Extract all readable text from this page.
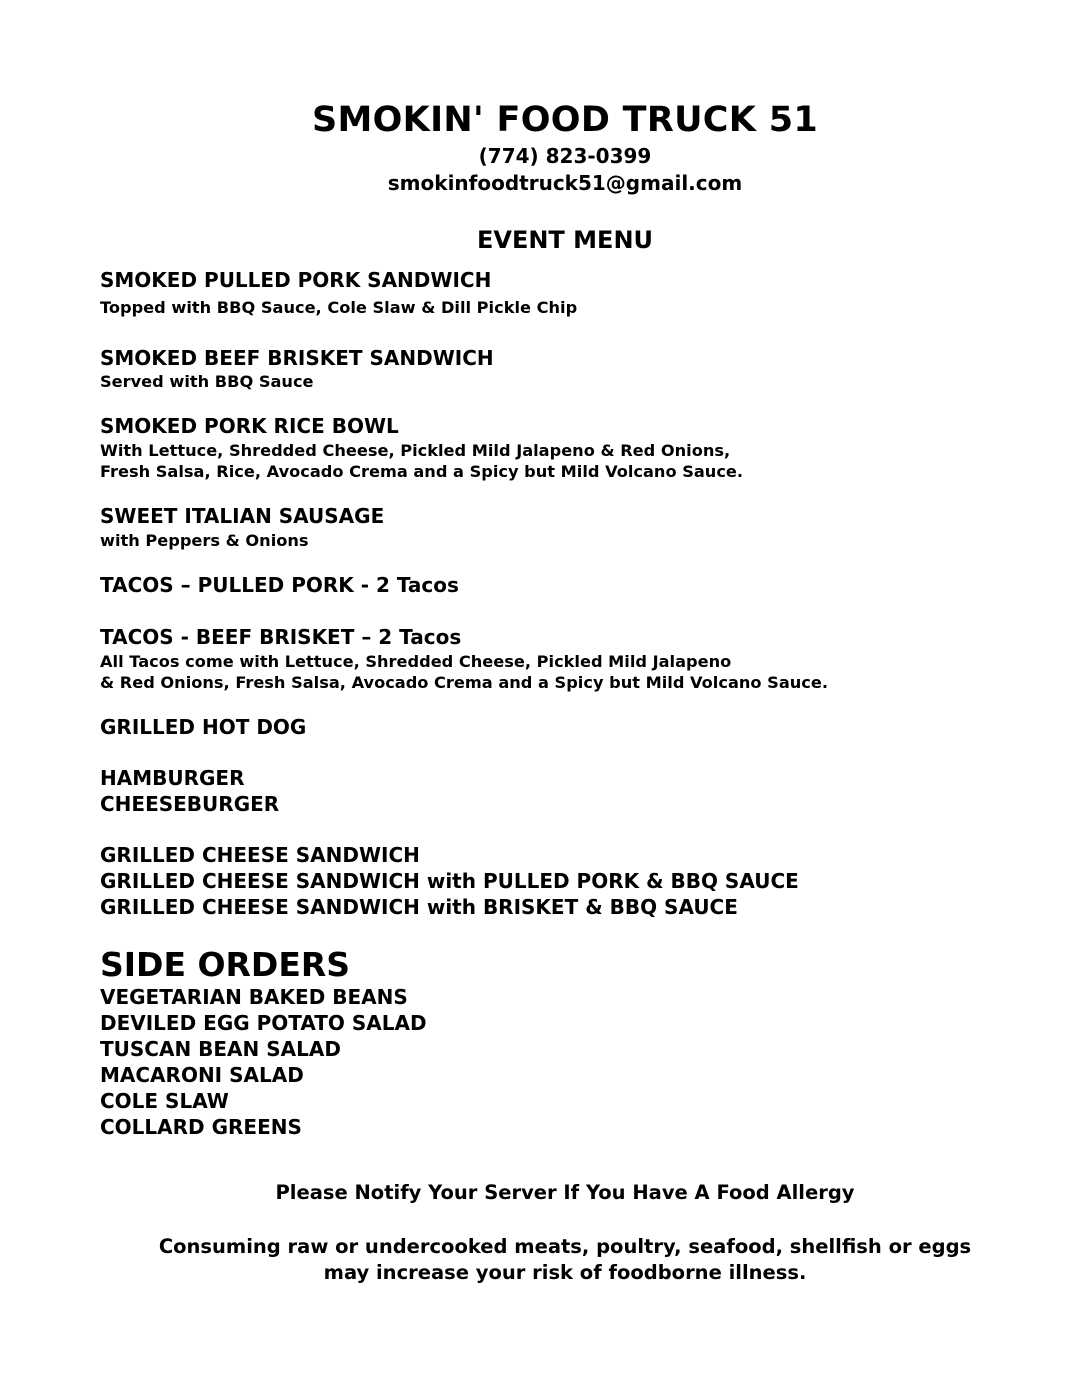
SMOKIN' FOOD TRUCK 51
(774) 823-0399
smokinfoodtruck51@gmail.com
EVENT MENU
SMOKED PULLED PORK SANDWICH
Topped with BBQ Sauce, Cole Slaw & Dill Pickle Chip
SMOKED BEEF BRISKET SANDWICH
Served with BBQ Sauce
SMOKED PORK RICE BOWL
With Lettuce, Shredded Cheese, Pickled Mild Jalapeno & Red Onions,
Fresh Salsa, Rice, Avocado Crema and a Spicy but Mild Volcano Sauce.
SWEET ITALIAN SAUSAGE
with Peppers & Onions
TACOS – PULLED PORK - 2 Tacos
TACOS - BEEF BRISKET – 2 Tacos
All Tacos come with Lettuce, Shredded Cheese, Pickled Mild Jalapeno
& Red Onions, Fresh Salsa, Avocado Crema and a Spicy but Mild Volcano Sauce.
GRILLED HOT DOG
HAMBURGER
CHEESEBURGER
GRILLED CHEESE SANDWICH
GRILLED CHEESE SANDWICH with PULLED PORK & BBQ SAUCE
GRILLED CHEESE SANDWICH with BRISKET & BBQ SAUCE
SIDE ORDERS
VEGETARIAN BAKED BEANS
DEVILED EGG POTATO SALAD
TUSCAN BEAN SALAD
MACARONI SALAD
COLE SLAW
COLLARD GREENS
Please Notify Your Server If You Have A Food Allergy
Consuming raw or undercooked meats, poultry, seafood, shellfish or eggs
may increase your risk of foodborne illness.
